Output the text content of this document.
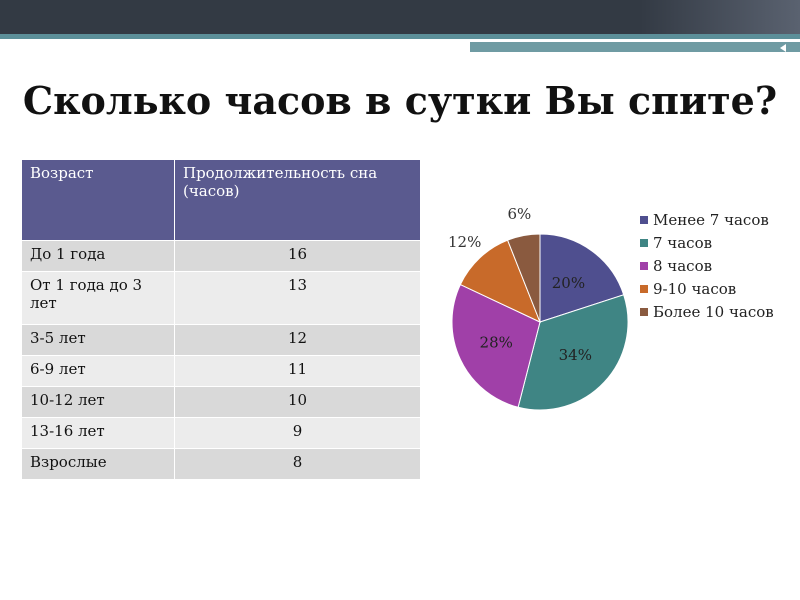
Сколько часов в сутки Вы спите?
Возраст	Продолжительность сна (часов)
До 1 года	16
От 1 года до 3 лет	13
3-5 лет	12
6-9 лет	11
10-12 лет	10
13-16 лет	9
Взрослые	8
20%
34%
28%
12%
6%	Менее 7 часов
7 часов
8 часов
9-10 часов
Более 10 часов
